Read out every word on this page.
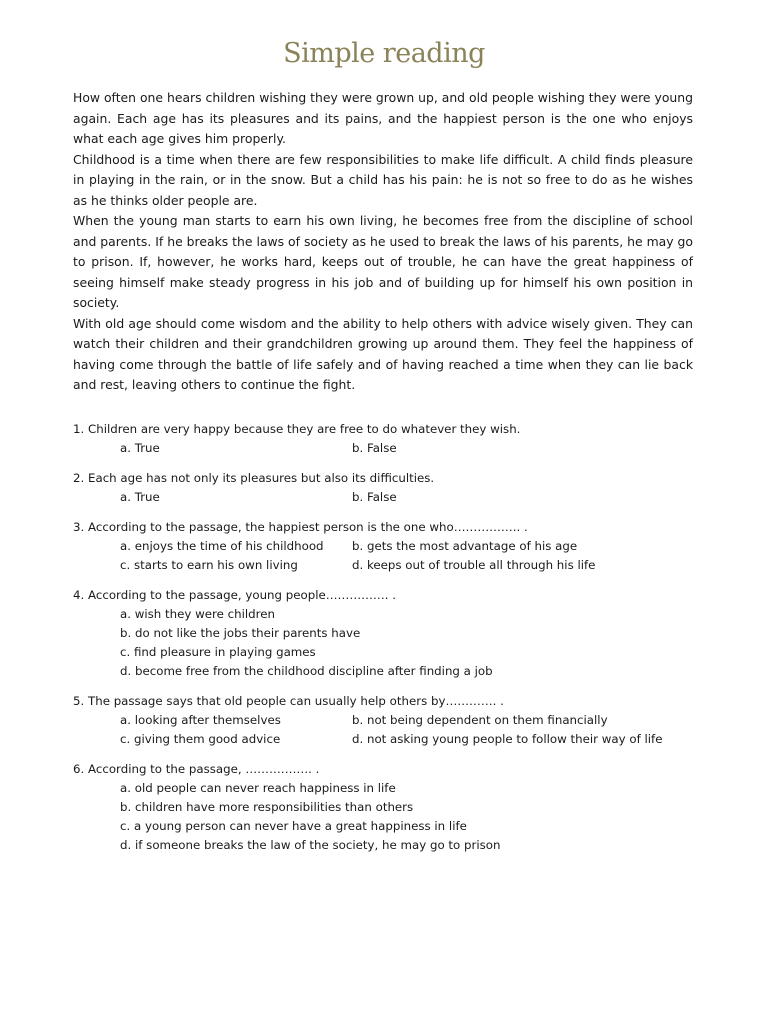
Simple reading

How often one hears children wishing they were grown up, and old people wishing they were young again. Each age has its pleasures and its pains, and the happiest person is the one who enjoys what each age gives him properly.

Childhood is a time when there are few responsibilities to make life difficult. A child finds pleasure in playing in the rain, or in the snow. But a child has his pain: he is not so free to do as he wishes as he thinks older people are.

When the young man starts to earn his own living, he becomes free from the discipline of school and parents. If he breaks the laws of society as he used to break the laws of his parents, he may go to prison. If, however, he works hard, keeps out of trouble, he can have the great happiness of seeing himself make steady progress in his job and of building up for himself his own position in society.

With old age should come wisdom and the ability to help others with advice wisely given. They can watch their children and their grandchildren growing up around them. They feel the happiness of having come through the battle of life safely and of having reached a time when they can lie back and rest, leaving others to continue the fight.

1. Children are very happy because they are free to do whatever they wish.

a. True	b. False

2. Each age has not only its pleasures but also its difficulties.

a. True	b. False

3. According to the passage, the happiest person is the one who…………….. .

a. enjoys the time of his childhood	b. gets the most advantage of his age
c. starts to earn his own living	d. keeps out of trouble all through his life

4. According to the passage, young people……………. .

a. wish they were children
b. do not like the jobs their parents have
c. find pleasure in playing games
d. become free from the childhood discipline after finding a job

5. The passage says that old people can usually help others by…………. .

a. looking after themselves	b. not being dependent on them financially
c. giving them good advice	d. not asking young people to follow their way of life

6. According to the passage, …………….. .

a. old people can never reach happiness in life
b. children have more responsibilities than others
c. a young person can never have a great happiness in life
d. if someone breaks the law of the society, he may go to prison
